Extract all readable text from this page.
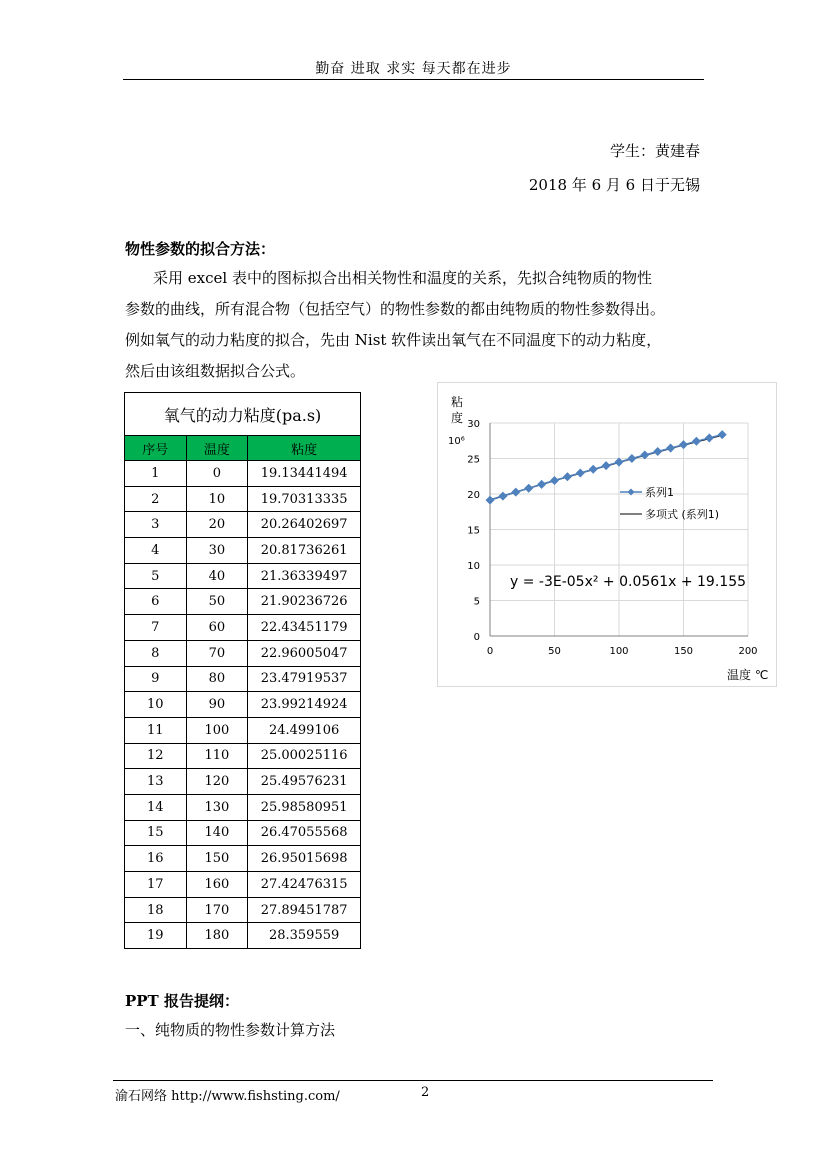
勤奋 进取 求实 每天都在进步
学生：黄建春
2018 年 6 月 6 日于无锡
物性参数的拟合方法：
采用 excel 表中的图标拟合出相关物性和温度的关系，先拟合纯物质的物性
参数的曲线，所有混合物（包括空气）的物性参数的都由纯物质的物性参数得出。
例如氧气的动力粘度的拟合，先由 Nist 软件读出氧气在不同温度下的动力粘度，
然后由该组数据拟合公式。
氧气的动力粘度(pa.s)		
序号	温度	粘度
1	0	19.13441494
2	10	19.70313335
3	20	20.26402697
4	30	20.81736261
5	40	21.36339497
6	50	21.90236726
7	60	22.43451179
8	70	22.96005047
9	80	23.47919537
10	90	23.99214924
11	100	24.499106
12	110	25.00025116
13	120	25.49576231
14	130	25.98580951
15	140	26.47055568
16	150	26.95015698
17	160	27.42476315
18	170	27.89451787
19	180	28.359559
0	50	100	150	200
0
5
10
15
20
25
30
粘
度
10⁶
温度 ℃
系列1
多项式 (系列1)
y = -3E-05x² + 0.0561x + 19.155
PPT 报告提纲：
一、纯物质的物性参数计算方法
渝石网络 http://www.fishsting.com/	2
